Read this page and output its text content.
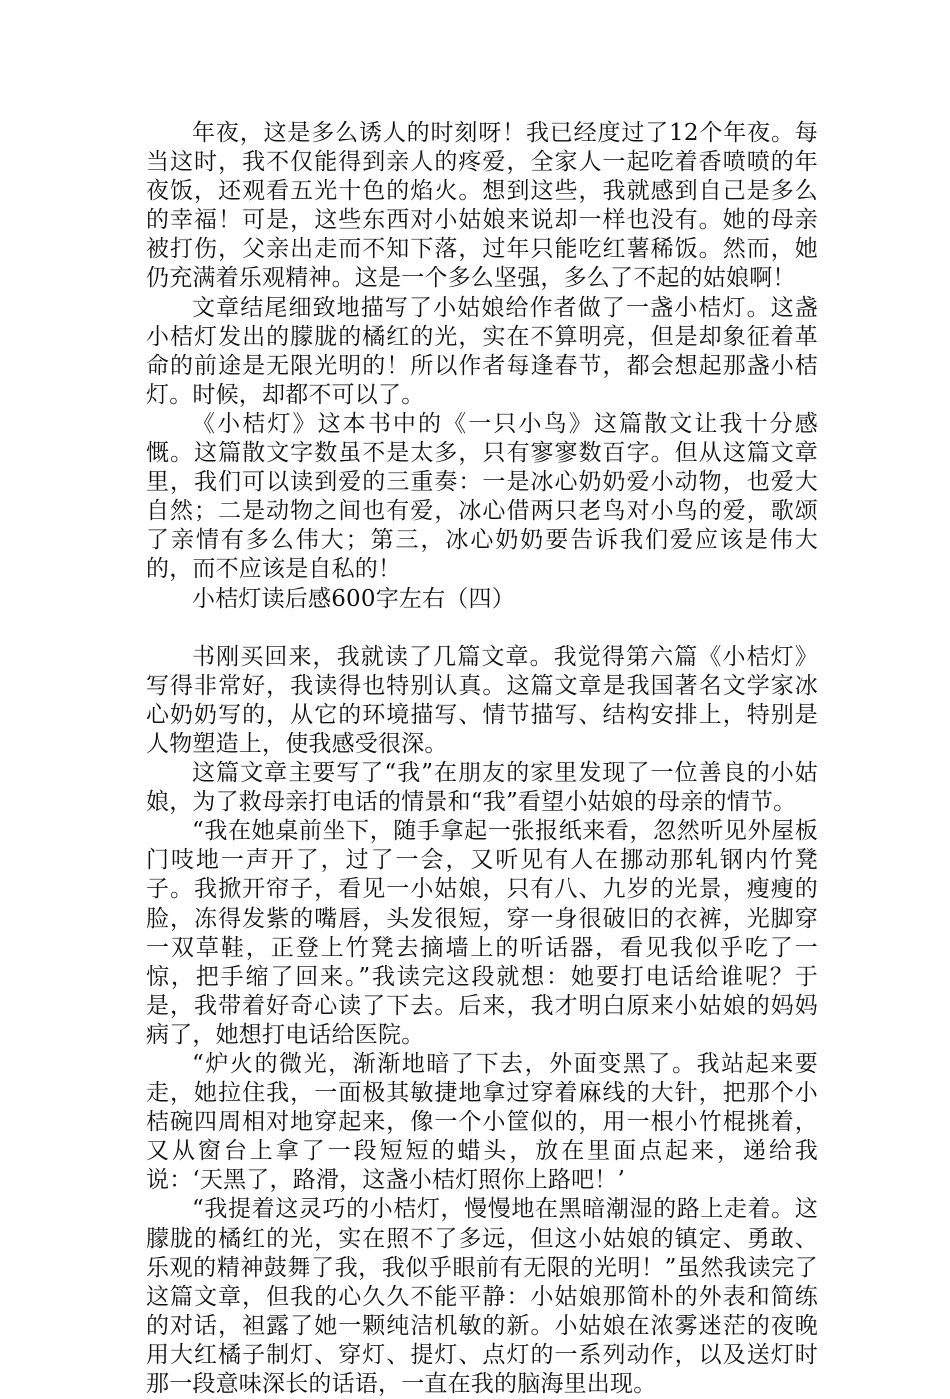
年夜，这是多么诱人的时刻呀！我已经度过了12个年夜。每当这时，我不仅能得到亲人的疼爱，全家人一起吃着香喷喷的年夜饭，还观看五光十色的焰火。想到这些，我就感到自己是多么的幸福！可是，这些东西对小姑娘来说却一样也没有。她的母亲被打伤，父亲出走而不知下落，过年只能吃红薯稀饭。然而，她仍充满着乐观精神。这是一个多么坚强，多么了不起的姑娘啊！

文章结尾细致地描写了小姑娘给作者做了一盏小桔灯。这盏小桔灯发出的朦胧的橘红的光，实在不算明亮，但是却象征着革命的前途是无限光明的！所以作者每逢春节，都会想起那盏小桔灯。时候，却都不可以了。

《小桔灯》这本书中的《一只小鸟》这篇散文让我十分感慨。这篇散文字数虽不是太多，只有寥寥数百字。但从这篇文章里，我们可以读到爱的三重奏：一是冰心奶奶爱小动物，也爱大自然；二是动物之间也有爱，冰心借两只老鸟对小鸟的爱，歌颂了亲情有多么伟大；第三，冰心奶奶要告诉我们爱应该是伟大的，而不应该是自私的！

小桔灯读后感600字左右（四）

书刚买回来，我就读了几篇文章。我觉得第六篇《小桔灯》写得非常好，我读得也特别认真。这篇文章是我国著名文学家冰心奶奶写的，从它的环境描写、情节描写、结构安排上，特别是人物塑造上，使我感受很深。

这篇文章主要写了“我”在朋友的家里发现了一位善良的小姑娘，为了救母亲打电话的情景和“我”看望小姑娘的母亲的情节。

“我在她桌前坐下，随手拿起一张报纸来看，忽然听见外屋板门吱地一声开了，过了一会，又听见有人在挪动那轧钢内竹凳子。我掀开帘子，看见一小姑娘，只有八、九岁的光景，瘦瘦的脸，冻得发紫的嘴唇，头发很短，穿一身很破旧的衣裤，光脚穿一双草鞋，正登上竹凳去摘墙上的听话器，看见我似乎吃了一惊，把手缩了回来。”我读完这段就想：她要打电话给谁呢？于是，我带着好奇心读了下去。后来，我才明白原来小姑娘的妈妈病了，她想打电话给医院。

“炉火的微光，渐渐地暗了下去，外面变黑了。我站起来要走，她拉住我，一面极其敏捷地拿过穿着麻线的大针，把那个小桔碗四周相对地穿起来，像一个小筐似的，用一根小竹棍挑着，又从窗台上拿了一段短短的蜡头，放在里面点起来，递给我说：‘天黑了，路滑，这盏小桔灯照你上路吧！’

“我提着这灵巧的小桔灯，慢慢地在黑暗潮湿的路上走着。这朦胧的橘红的光，实在照不了多远，但这小姑娘的镇定、勇敢、乐观的精神鼓舞了我，我似乎眼前有无限的光明！”虽然我读完了这篇文章，但我的心久久不能平静：小姑娘那简朴的外表和简练的对话，袒露了她一颗纯洁机敏的新。小姑娘在浓雾迷茫的夜晚用大红橘子制灯、穿灯、提灯、点灯的一系列动作，以及送灯时那一段意味深长的话语，一直在我的脑海里出现。
